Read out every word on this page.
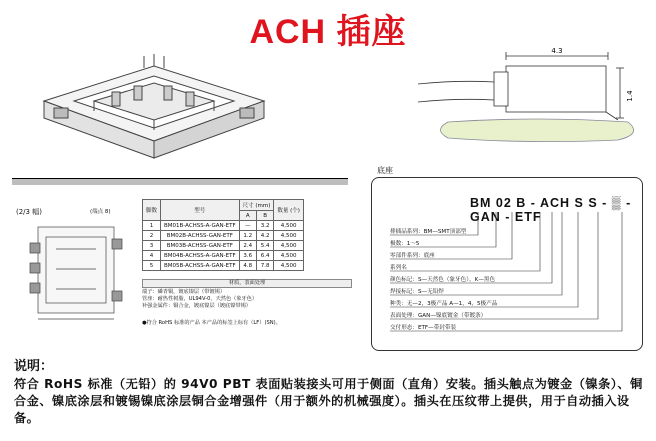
ACH 插座	4.3
1.4
(2/3 幅)	(端点 8)	脚数	型号	尺寸 (mm)		数量 (个)
		A	B	
1	BM01B-ACHSS-A-GAN-ETF	—	3.2	4,500
2	BM02B-ACHSS-GAN-ETF	1.2	4.2	4,500
3	BM03B-ACHSS-GAN-ETF	2.4	5.4	4,500
4	BM04B-ACHSS-A-GAN-ETF	3.6	6.4	4,500
5	BM05B-ACHSS-A-GAN-ETF	4.8	7.8	4,500
材质，表面处理
端子：磷青铜，镀底镍层（带镀锡）
管座：耐热性树脂，UL94V-0，天然色（象牙色）
补强金属件：铜合金，镀底镍层（镀底镍带锡）
●符合 RoHS 标准的产品 本产品的标签上标有（LF）(SN)。
底座
BM 02 B - ACH S S - ▒ - GAN - ETF
排插品系列：BM—SMT顶部型
极数：1～5
零部件系列：底座
系列名
颜色标记：S—天然色（象牙色），K—黑色
焊接标记：S—无铅焊
种类：无—2，3极产品 A—1，4，5极产品
表面处理：GAN—镍底镀金（带镀条）
交付形态：ETF—带封带装
说明：
符合 RoHS 标准（无铅）的 94V0 PBT 表面贴装接头可用于侧面（直角）安装。插头触点为镀金（镍条）、铜合金、镍底涂层和镀锡镍底涂层铜合金增强件（用于额外的机械强度）。插头在压纹带上提供，用于自动插入设备。
